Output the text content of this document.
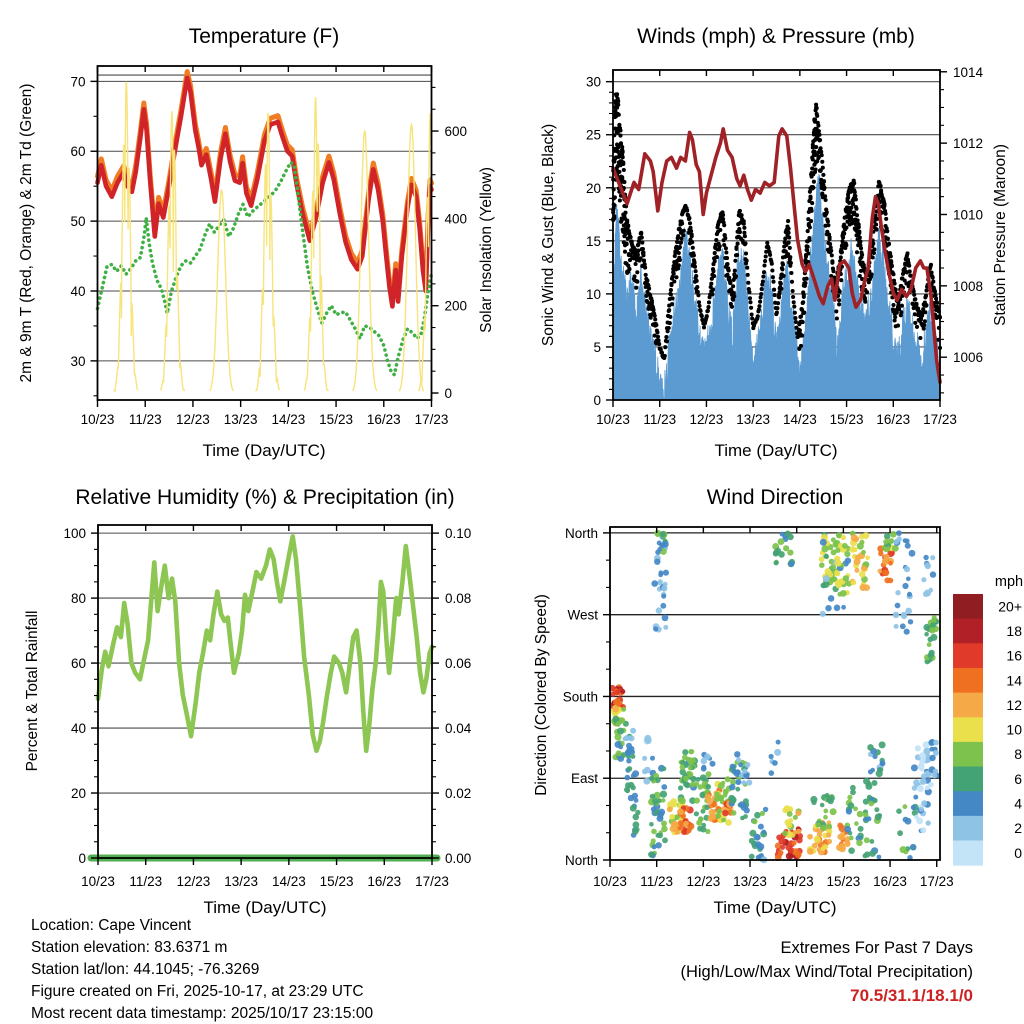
30
40
50
60
70
0
200
400
600
10/23 11/23 12/23 13/23 14/23 15/23 16/23 17/23
0
5
10
15
20
25
30
1006
1008
1010
1012
1014
10/23 11/23 12/23 13/23 14/23 15/23 16/23 17/23
0
20
40
60
80
100
0.00
0.02
0.04
0.06
0.08
0.10
10/23 11/23 12/23 13/23 14/23 15/23 16/23 17/23
North
West
South
East
North
10/23 11/23 12/23 13/23 14/23 15/23 16/23 17/23
20+
18
16
14
12
10
8
6
4
2
0
Temperature (F)
2m & 9m T (Red, Orange) & 2m Td (Green)	Solar Insolation (Yellow)
Time (Day/UTC)
Winds (mph) & Pressure (mb)
Sonic Wind & Gust (Blue, Black)	Station Pressure (Maroon)
Time (Day/UTC)
Relative Humidity (%) & Precipitation (in)
Percent & Total Rainfall
Time (Day/UTC)
Wind Direction
Direction (Colored By Speed)
Time (Day/UTC)
mph
Location: Cape Vincent
Station elevation: 83.6371 m
Station lat/lon: 44.1045; -76.3269
Figure created on Fri, 2025-10-17, at 23:29 UTC
Most recent data timestamp: 2025/10/17 23:15:00
Extremes For Past 7 Days
(High/Low/Max Wind/Total Precipitation)
70.5/31.1/18.1/0
